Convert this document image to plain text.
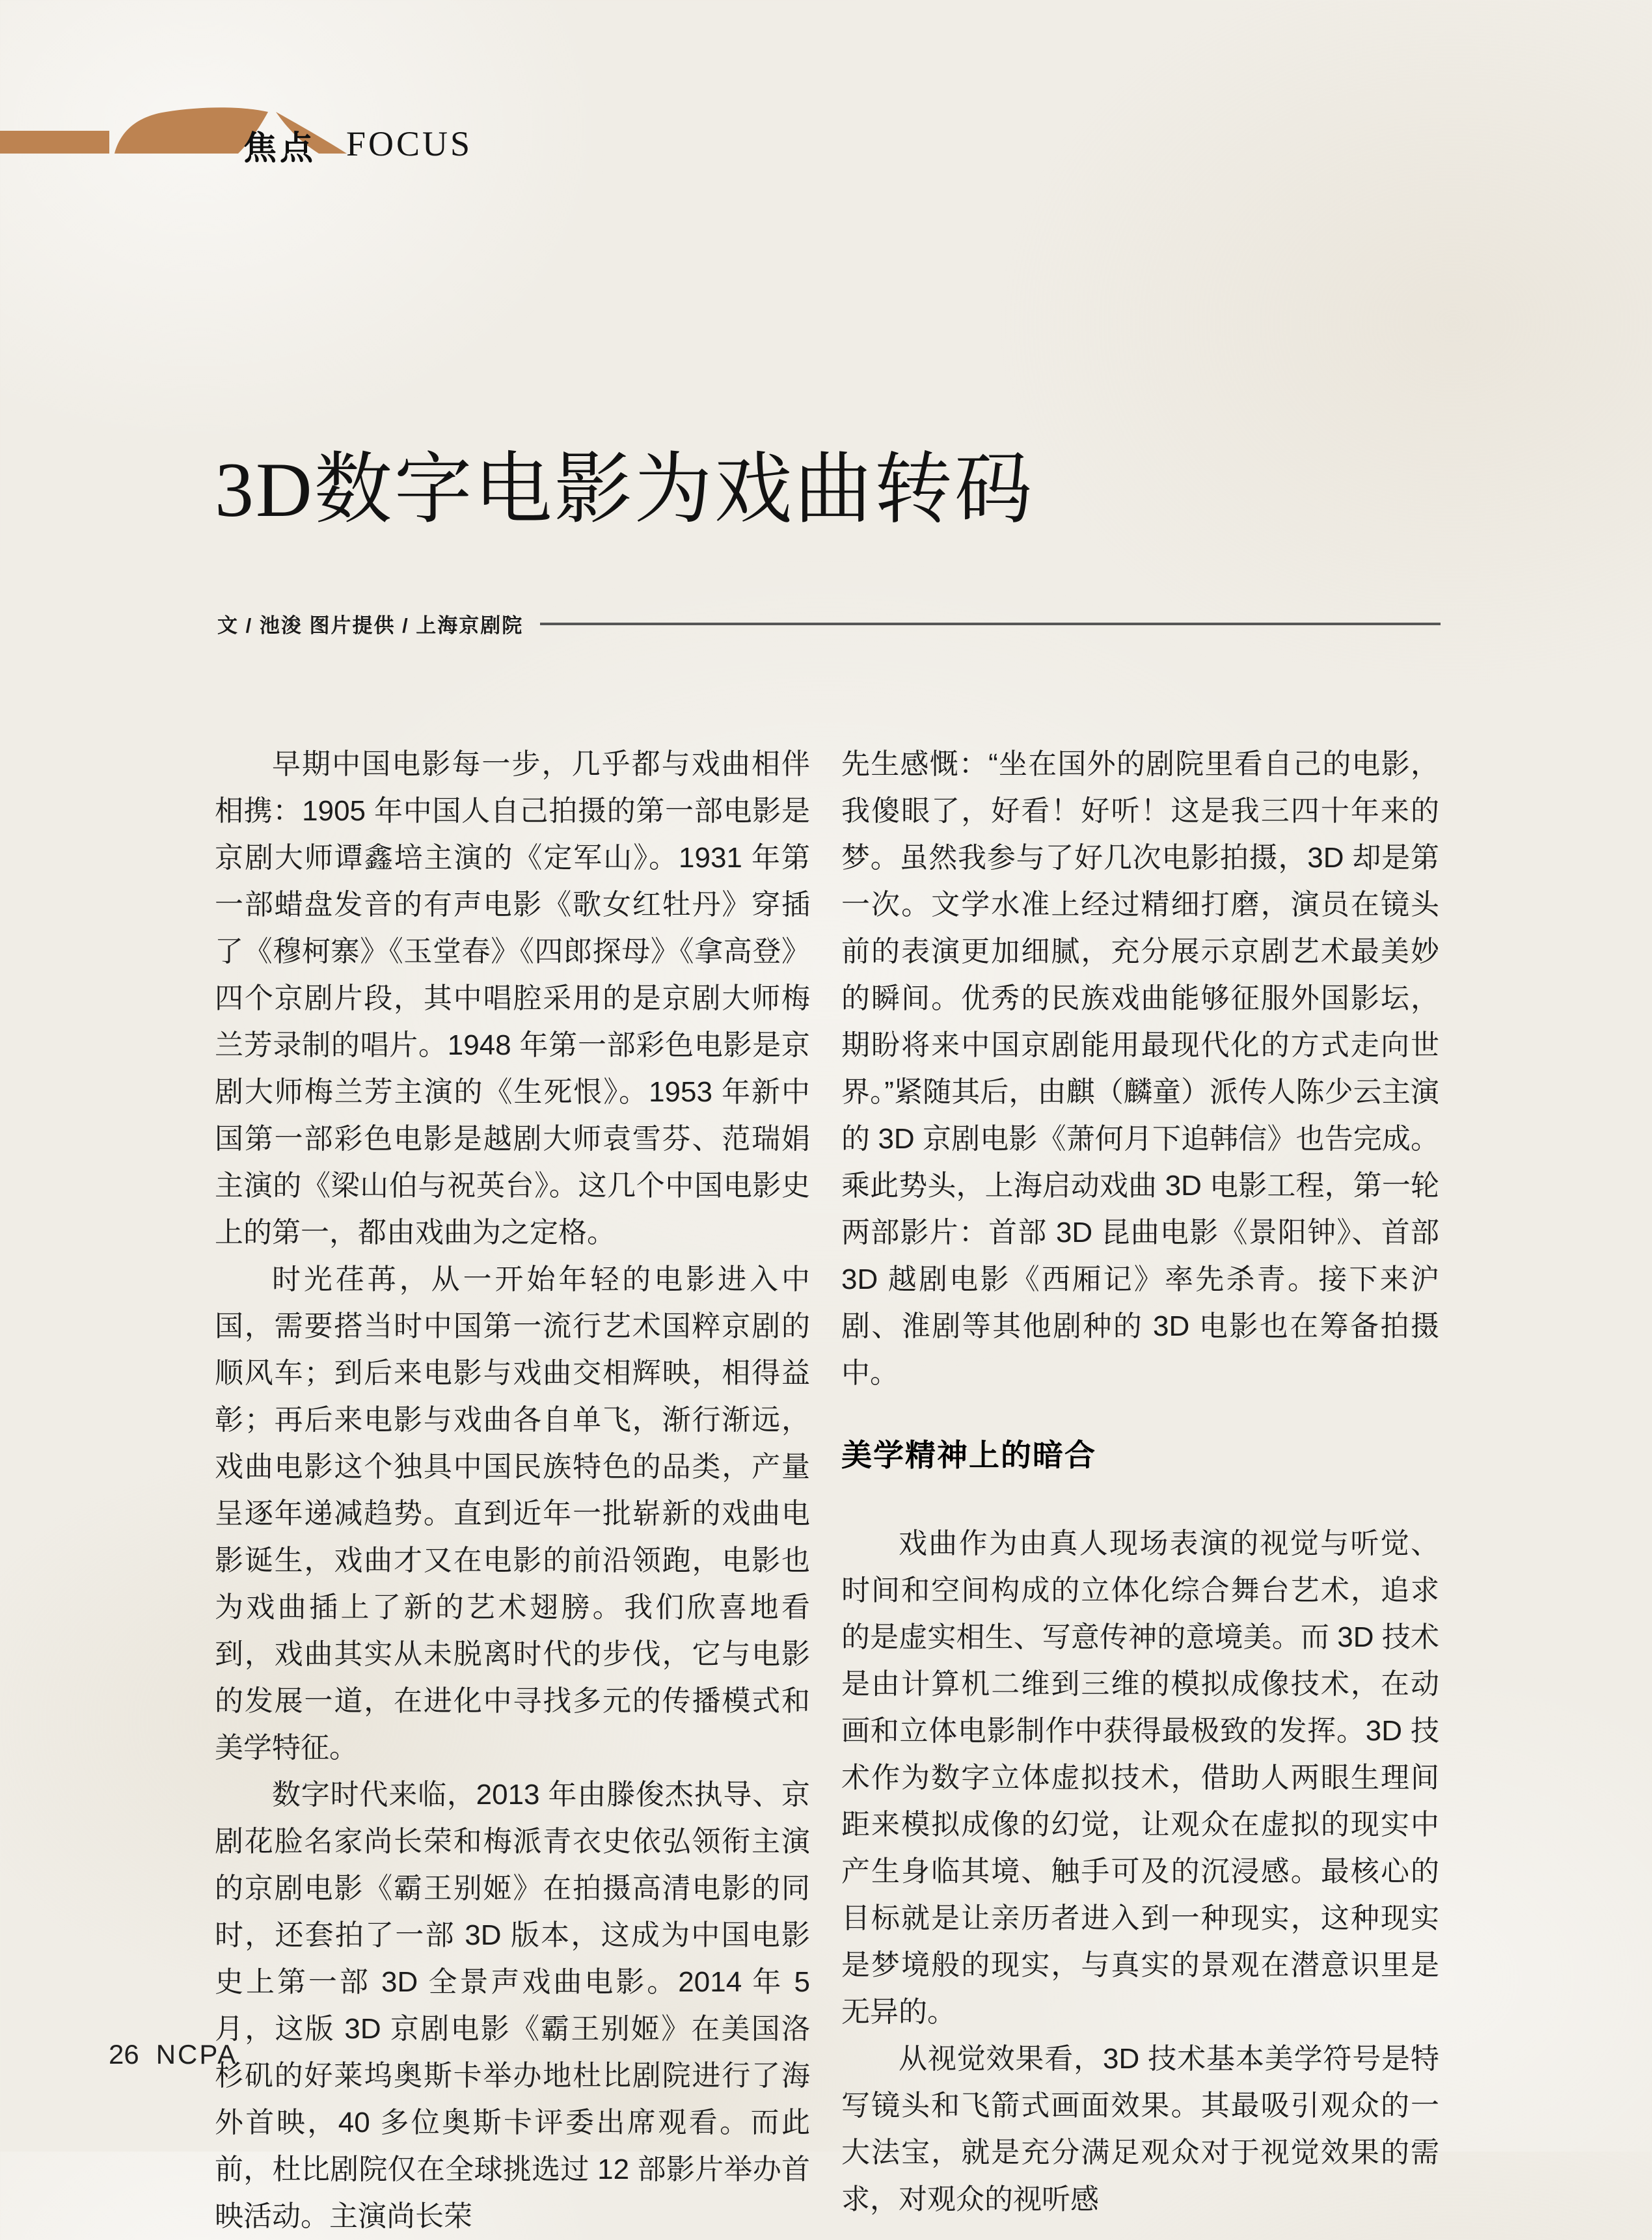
焦点 FOCUS
3D数字电影为戏曲转码
文 / 池浚 图片提供 / 上海京剧院

早期中国电影每一步，几乎都与戏曲相伴相携：1905 年中国人自己拍摄的第一部电影是京剧大师谭鑫培主演的《定军山》。1931 年第一部蜡盘发音的有声电影《歌女红牡丹》穿插了《穆柯寨》《玉堂春》《四郎探母》《拿高登》四个京剧片段，其中唱腔采用的是京剧大师梅兰芳录制的唱片。1948 年第一部彩色电影是京剧大师梅兰芳主演的《生死恨》。1953 年新中国第一部彩色电影是越剧大师袁雪芬、范瑞娟主演的《梁山伯与祝英台》。这几个中国电影史上的第一，都由戏曲为之定格。

时光荏苒，从一开始年轻的电影进入中国，需要搭当时中国第一流行艺术国粹京剧的顺风车；到后来电影与戏曲交相辉映，相得益彰；再后来电影与戏曲各自单飞，渐行渐远，戏曲电影这个独具中国民族特色的品类，产量呈逐年递减趋势。直到近年一批崭新的戏曲电影诞生，戏曲才又在电影的前沿领跑，电影也为戏曲插上了新的艺术翅膀。我们欣喜地看到，戏曲其实从未脱离时代的步伐，它与电影的发展一道，在进化中寻找多元的传播模式和美学特征。

数字时代来临，2013 年由滕俊杰执导、京剧花脸名家尚长荣和梅派青衣史依弘领衔主演的京剧电影《霸王别姬》在拍摄高清电影的同时，还套拍了一部 3D 版本，这成为中国电影史上第一部 3D 全景声戏曲电影。2014 年 5 月，这版 3D 京剧电影《霸王别姬》在美国洛杉矶的好莱坞奥斯卡举办地杜比剧院进行了海外首映，40 多位奥斯卡评委出席观看。而此前，杜比剧院仅在全球挑选过 12 部影片举办首映活动。主演尚长荣

先生感慨：“坐在国外的剧院里看自己的电影，我傻眼了，好看！好听！这是我三四十年来的梦。虽然我参与了好几次电影拍摄，3D 却是第一次。文学水准上经过精细打磨，演员在镜头前的表演更加细腻，充分展示京剧艺术最美妙的瞬间。优秀的民族戏曲能够征服外国影坛，期盼将来中国京剧能用最现代化的方式走向世界。”紧随其后，由麒（麟童）派传人陈少云主演的 3D 京剧电影《萧何月下追韩信》也告完成。乘此势头，上海启动戏曲 3D 电影工程，第一轮两部影片：首部 3D 昆曲电影《景阳钟》、首部 3D 越剧电影《西厢记》率先杀青。接下来沪剧、淮剧等其他剧种的 3D 电影也在筹备拍摄中。

美学精神上的暗合

戏曲作为由真人现场表演的视觉与听觉、时间和空间构成的立体化综合舞台艺术，追求的是虚实相生、写意传神的意境美。而 3D 技术是由计算机二维到三维的模拟成像技术，在动画和立体电影制作中获得最极致的发挥。3D 技术作为数字立体虚拟技术，借助人两眼生理间距来模拟成像的幻觉，让观众在虚拟的现实中产生身临其境、触手可及的沉浸感。最核心的目标就是让亲历者进入到一种现实，这种现实是梦境般的现实，与真实的景观在潜意识里是无异的。

从视觉效果看，3D 技术基本美学符号是特写镜头和飞箭式画面效果。其最吸引观众的一大法宝，就是充分满足观众对于视觉效果的需求，对观众的视听感

26 NCPA
